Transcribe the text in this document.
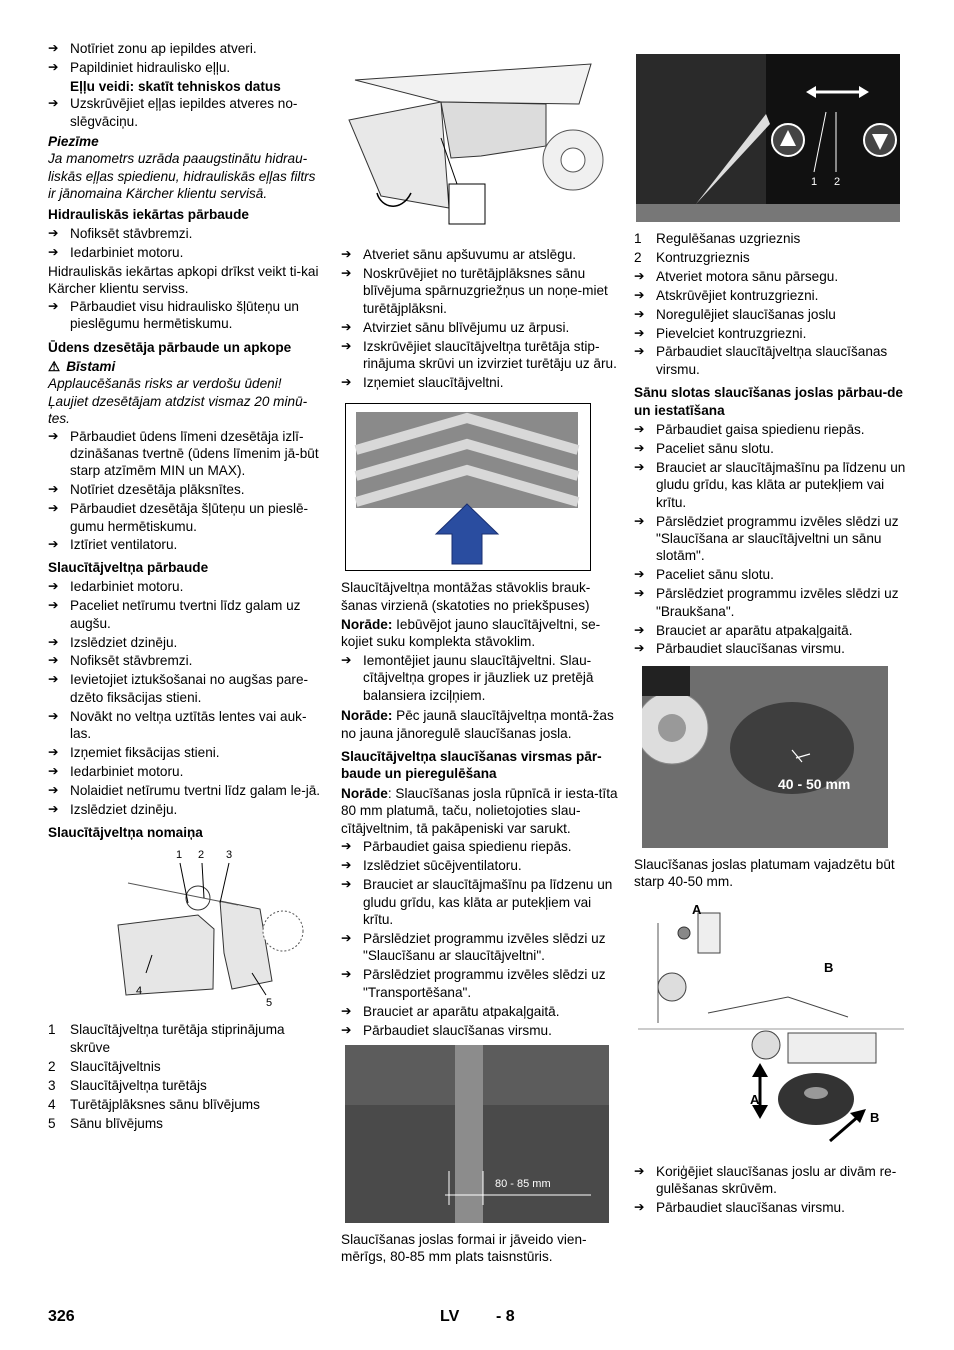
➔ Notīriet zonu ap iepildes atveri.

➔ Papildiniet hidraulisko eļļu.

Eļļu veidi: skatīt tehniskos datus

➔ Uzskrūvējiet eļļas iepildes atveres no-slēgvāciņu.

Piezīme

Ja manometrs uzrāda paaugstinātu hidrau-liskās eļļas spiedienu, hidrauliskās eļļas filtrs ir jānomaina Kärcher klientu servisā.

Hidrauliskās iekārtas pārbaude

➔ Nofiksēt stāvbremzi.

➔ Iedarbiniet motoru.

Hidrauliskās iekārtas apkopi drīkst veikt ti-kai Kärcher klientu serviss.

➔ Pārbaudiet visu hidraulisko šļūteņu un pieslēgumu hermētiskumu.

Ūdens dzesētāja pārbaude un apkope

⚠ Bīstami

Applaucēšanās risks ar verdošu ūdeni! Ļaujiet dzesētājam atdzist vismaz 20 minū-tes.

➔ Pārbaudiet ūdens līmeni dzesētāja izlī-dzināšanas tvertnē (ūdens līmenim jā-būt starp atzīmēm MIN un MAX).

➔ Notīriet dzesētāja plāksnītes.

➔ Pārbaudiet dzesētāja šļūteņu un pieslē-gumu hermētiskumu.

➔ Iztīriet ventilatoru.

Slaucītājveltņa pārbaude

➔ Iedarbiniet motoru.

➔ Paceliet netīrumu tvertni līdz galam uz augšu.

➔ Izslēdziet dzinēju.

➔ Nofiksēt stāvbremzi.

➔ Ievietojiet iztukšošanai no augšas pare-dzēto fiksācijas stieni.

➔ Novākt no veltņa uztītās lentes vai auk-las.

➔ Izņemiet fiksācijas stieni.

➔ Iedarbiniet motoru.

➔ Nolaidiet netīrumu tvertni līdz galam le-jā.

➔ Izslēdziet dzinēju.

Slaucītājveltņa nomaiņa

1 2 3
4
5

1 Slaucītājveltņa turētāja stiprinājuma skrūve

2 Slaucītājveltnis

3 Slaucītājveltņa turētājs

4 Turētājplāksnes sānu blīvējums

5 Sānu blīvējums

➔ Atveriet sānu apšuvumu ar atslēgu.

➔ Noskrūvējiet no turētājplāksnes sānu blīvējuma spārnuzgriežņus un noņe-miet turētājplāksni.

➔ Atvirziet sānu blīvējumu uz ārpusi.

➔ Izskrūvējiet slaucītājveltņa turētāja stip-rinājuma skrūvi un izvirziet turētāju uz āru.

➔ Izņemiet slaucītājveltni.

Slaucītājveltņa montāžas stāvoklis brauk-šanas virzienā (skatoties no priekšpuses)

Norāde: Iebūvējot jauno slaucītājveltni, se-kojiet suku komplekta stāvoklim.

➔ Iemontējiet jaunu slaucītājveltni. Slau-cītājveltņa gropes ir jāuzliek uz pretējā balansiera izciļņiem.

Norāde: Pēc jaunā slaucītājveltņa montā-žas no jauna jānoregulē slaucīšanas josla.

Slaucītājveltņa slaucīšanas virsmas pār-baude un pieregulēšana

Norāde: Slaucīšanas josla rūpnīcā ir iesta-tīta 80 mm platumā, taču, nolietojoties slau-cītājveltnim, tā pakāpeniski var sarukt.

➔ Pārbaudiet gaisa spiedienu riepās.

➔ Izslēdziet sūcējventilatoru.

➔ Brauciet ar slaucītājmašīnu pa līdzenu un gludu grīdu, kas klāta ar putekļiem vai krītu.

➔ Pārslēdziet programmu izvēles slēdzi uz "Slaucīšanu ar slaucītājveltni".

➔ Pārslēdziet programmu izvēles slēdzi uz "Transportēšana".

➔ Brauciet ar aparātu atpakaļgaitā.

➔ Pārbaudiet slaucīšanas virsmu.

80 - 85 mm

Slaucīšanas joslas formai ir jāveido vien-mērīgs, 80-85 mm plats taisnstūris.

1 2

1 Regulēšanas uzgrieznis

2 Kontruzgrieznis

➔ Atveriet motora sānu pārsegu.

➔ Atskrūvējiet kontruzgriezni.

➔ Noregulējiet slaucīšanas joslu

➔ Pievelciet kontruzgriezni.

➔ Pārbaudiet slaucītājveltņa slaucīšanas virsmu.

Sānu slotas slaucīšanas joslas pārbau-de un iestatīšana

➔ Pārbaudiet gaisa spiedienu riepās.

➔ Paceliet sānu slotu.

➔ Brauciet ar slaucītājmašīnu pa līdzenu un gludu grīdu, kas klāta ar putekļiem vai krītu.

➔ Pārslēdziet programmu izvēles slēdzi uz "Slaucīšana ar slaucītājveltni un sānu slotām".

➔ Paceliet sānu slotu.

➔ Pārslēdziet programmu izvēles slēdzi uz "Braukšana".

➔ Brauciet ar aparātu atpakaļgaitā.

➔ Pārbaudiet slaucīšanas virsmu.

40 - 50 mm

Slaucīšanas joslas platumam vajadzētu būt starp 40-50 mm.

A
B
A
B

➔ Koriģējiet slaucīšanas joslu ar divām re-gulēšanas skrūvēm.

➔ Pārbaudiet slaucīšanas virsmu.

326	LV - 8
